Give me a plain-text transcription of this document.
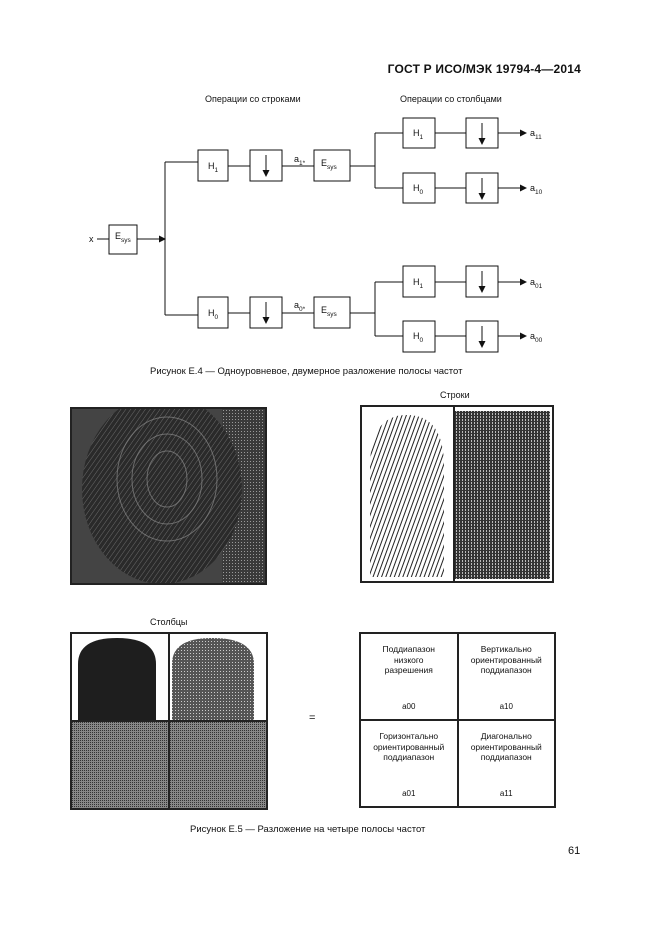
ГОСТ Р ИСО/МЭК 19794-4—2014
Операции со строками	Операции со столбцами
x $E_{sys}$
$H_1$
$a_{1*}$ $E_{sys}$
$H_1$
$H_0$
$a_{11}$
$a_{10}$
$H_0$
$a_{0*}$ $E_{sys}$
$H_1$
$H_0$
$a_{01}$
$a_{00}$
Рисунок Е.4 — Одноуровневое, двумерное разложение полосы частот
Строки
Столбцы
=
Поддиапазон низкого разрешения
a00
Вертикально ориентированный поддиапазон
a10
Горизонтально ориентированный поддиапазон
a01
Диагонально ориентированный поддиапазон
a11
Рисунок Е.5 — Разложение на четыре полосы частот
61
